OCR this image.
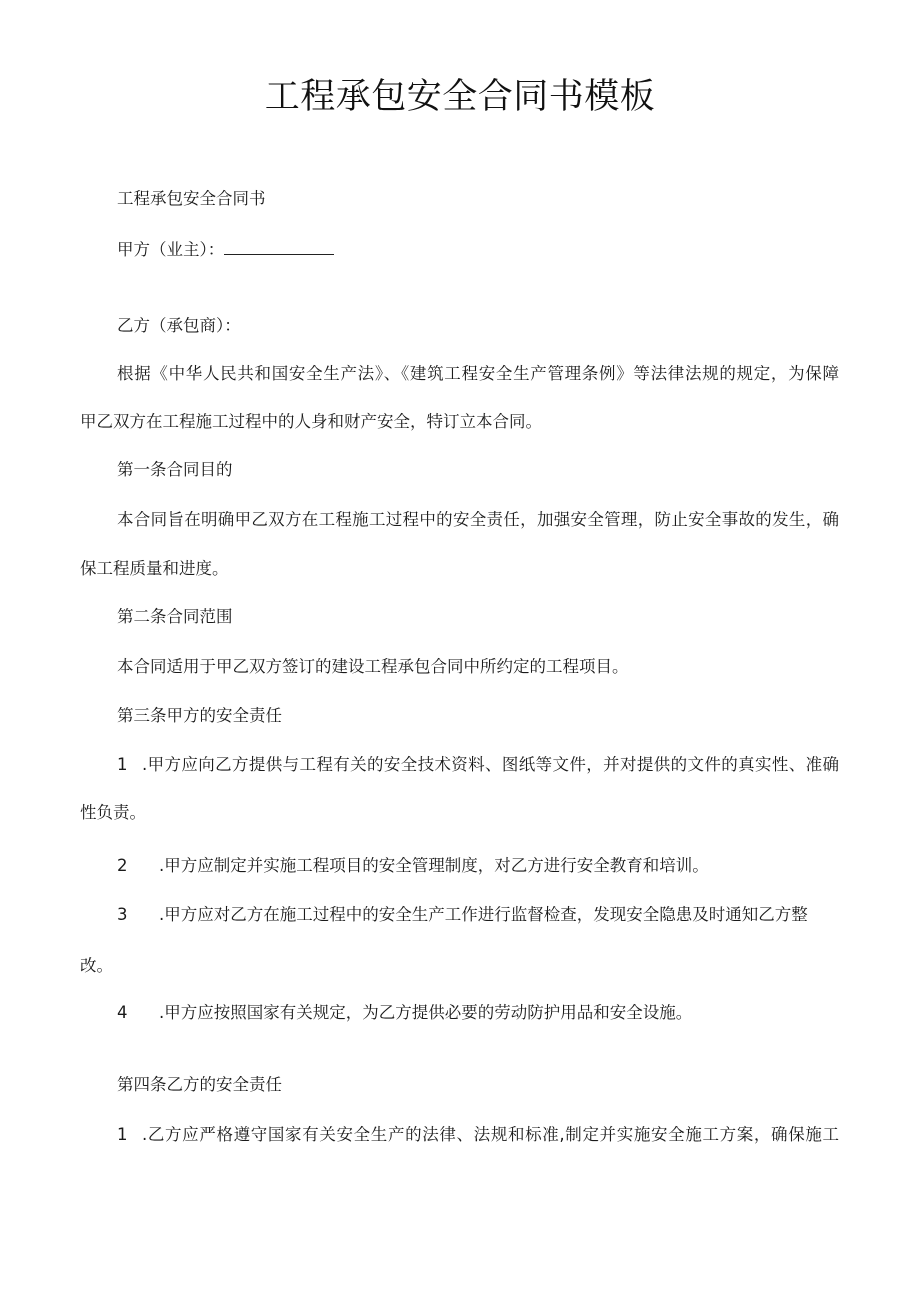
工程承包安全合同书模板
工程承包安全合同书
甲方（业主）：
乙方（承包商）：
根据《中华人民共和国安全生产法》、《建筑工程安全生产管理条例》等法律法规的规定，为保障
甲乙双方在工程施工过程中的人身和财产安全，特订立本合同。
第一条合同目的
本合同旨在明确甲乙双方在工程施工过程中的安全责任，加强安全管理，防止安全事故的发生，确
保工程质量和进度。
第二条合同范围
本合同适用于甲乙双方签订的建设工程承包合同中所约定的工程项目。
第三条甲方的安全责任
1 .甲方应向乙方提供与工程有关的安全技术资料、图纸等文件，并对提供的文件的真实性、准确
性负责。
2 .甲方应制定并实施工程项目的安全管理制度，对乙方进行安全教育和培训。
3 .甲方应对乙方在施工过程中的安全生产工作进行监督检查，发现安全隐患及时通知乙方整
改。
4 .甲方应按照国家有关规定，为乙方提供必要的劳动防护用品和安全设施。
第四条乙方的安全责任
1 .乙方应严格遵守国家有关安全生产的法律、法规和标准,制定并实施安全施工方案，确保施工
